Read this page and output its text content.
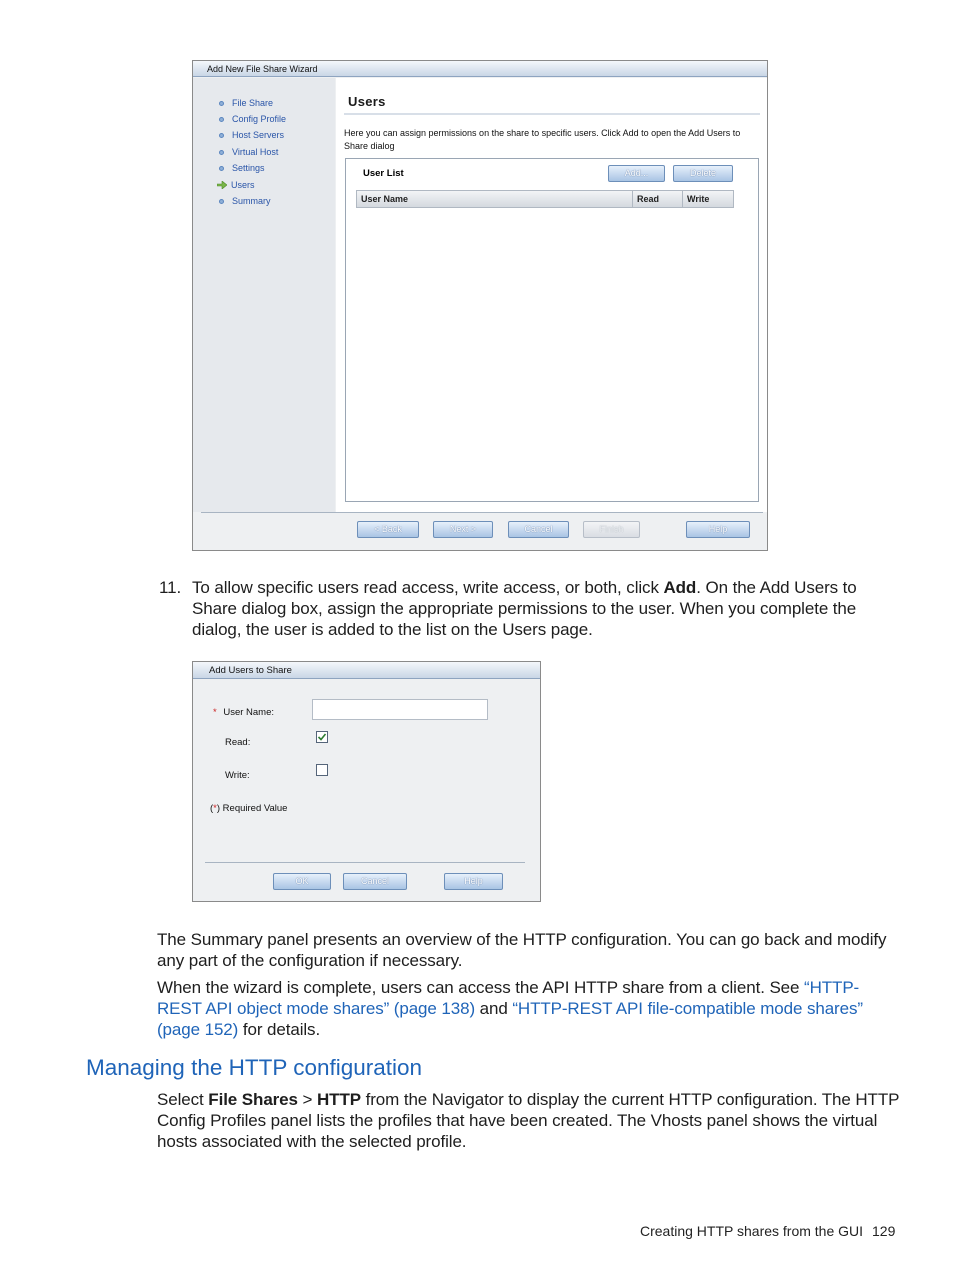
Add New File Share Wizard
File Share
Config Profile
Host Servers
Virtual Host
Settings
Users
Summary
Users
Here you can assign permissions on the share to specific users. Click Add to open the Add Users to Share dialog
User List	Add...	Delete
User Name	Read	Write
< Back	Next >	Cancel	Finish	Help
11. To allow specific users read access, write access, or both, click Add. On the Add Users to Share dialog box, assign the appropriate permissions to the user. When you complete the dialog, the user is added to the list on the Users page.
Add Users to Share
* User Name:
Read:
Write:
(*) Required Value
OK	Cancel	Help
The Summary panel presents an overview of the HTTP configuration. You can go back and modify any part of the configuration if necessary.
When the wizard is complete, users can access the API HTTP share from a client. See “HTTP-REST API object mode shares” (page 138) and “HTTP-REST API file-compatible mode shares” (page 152) for details.
Managing the HTTP configuration
Select File Shares > HTTP from the Navigator to display the current HTTP configuration. The HTTP Config Profiles panel lists the profiles that have been created. The Vhosts panel shows the virtual hosts associated with the selected profile.
Creating HTTP shares from the GUI 129
